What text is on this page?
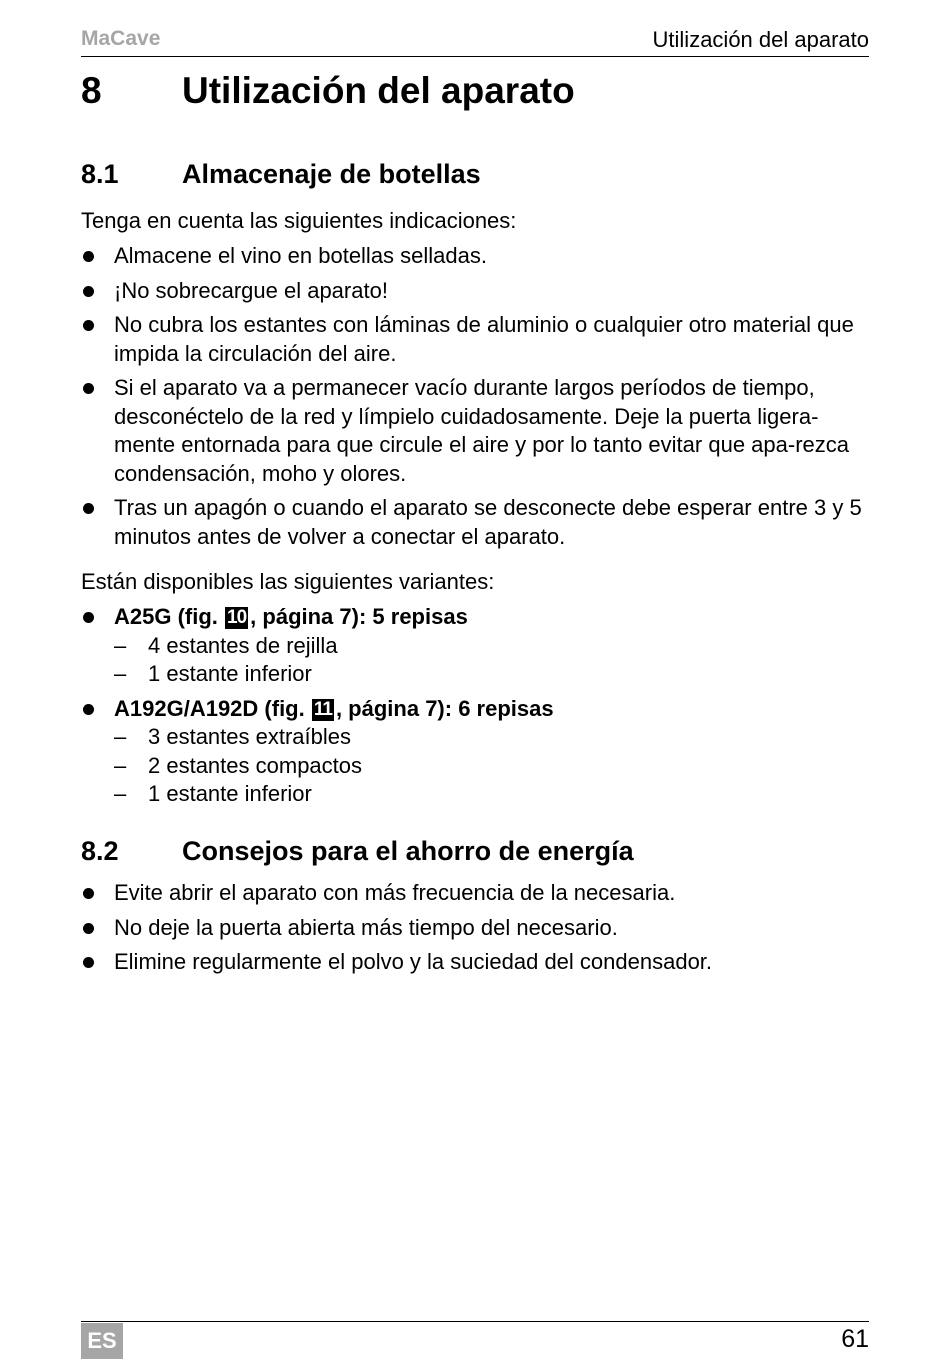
MaCave	Utilización del aparato
8 Utilización del aparato
8.1 Almacenaje de botellas
Tenga en cuenta las siguientes indicaciones:
Almacene el vino en botellas selladas.
¡No sobrecargue el aparato!
No cubra los estantes con láminas de aluminio o cualquier otro material que impida la circulación del aire.
Si el aparato va a permanecer vacío durante largos períodos de tiempo, desconéctelo de la red y límpielo cuidadosamente. Deje la puerta ligera-mente entornada para que circule el aire y por lo tanto evitar que apa-rezca condensación, moho y olores.
Tras un apagón o cuando el aparato se desconecte debe esperar entre 3 y 5 minutos antes de volver a conectar el aparato.
Están disponibles las siguientes variantes:
A25G (fig. 10 , página 7): 5 repisas
– 4 estantes de rejilla
– 1 estante inferior
A192G/A192D (fig. 11 , página 7): 6 repisas
– 3 estantes extraíbles
– 2 estantes compactos
– 1 estante inferior
8.2 Consejos para el ahorro de energía
Evite abrir el aparato con más frecuencia de la necesaria.
No deje la puerta abierta más tiempo del necesario.
Elimine regularmente el polvo y la suciedad del condensador.
ES	61
